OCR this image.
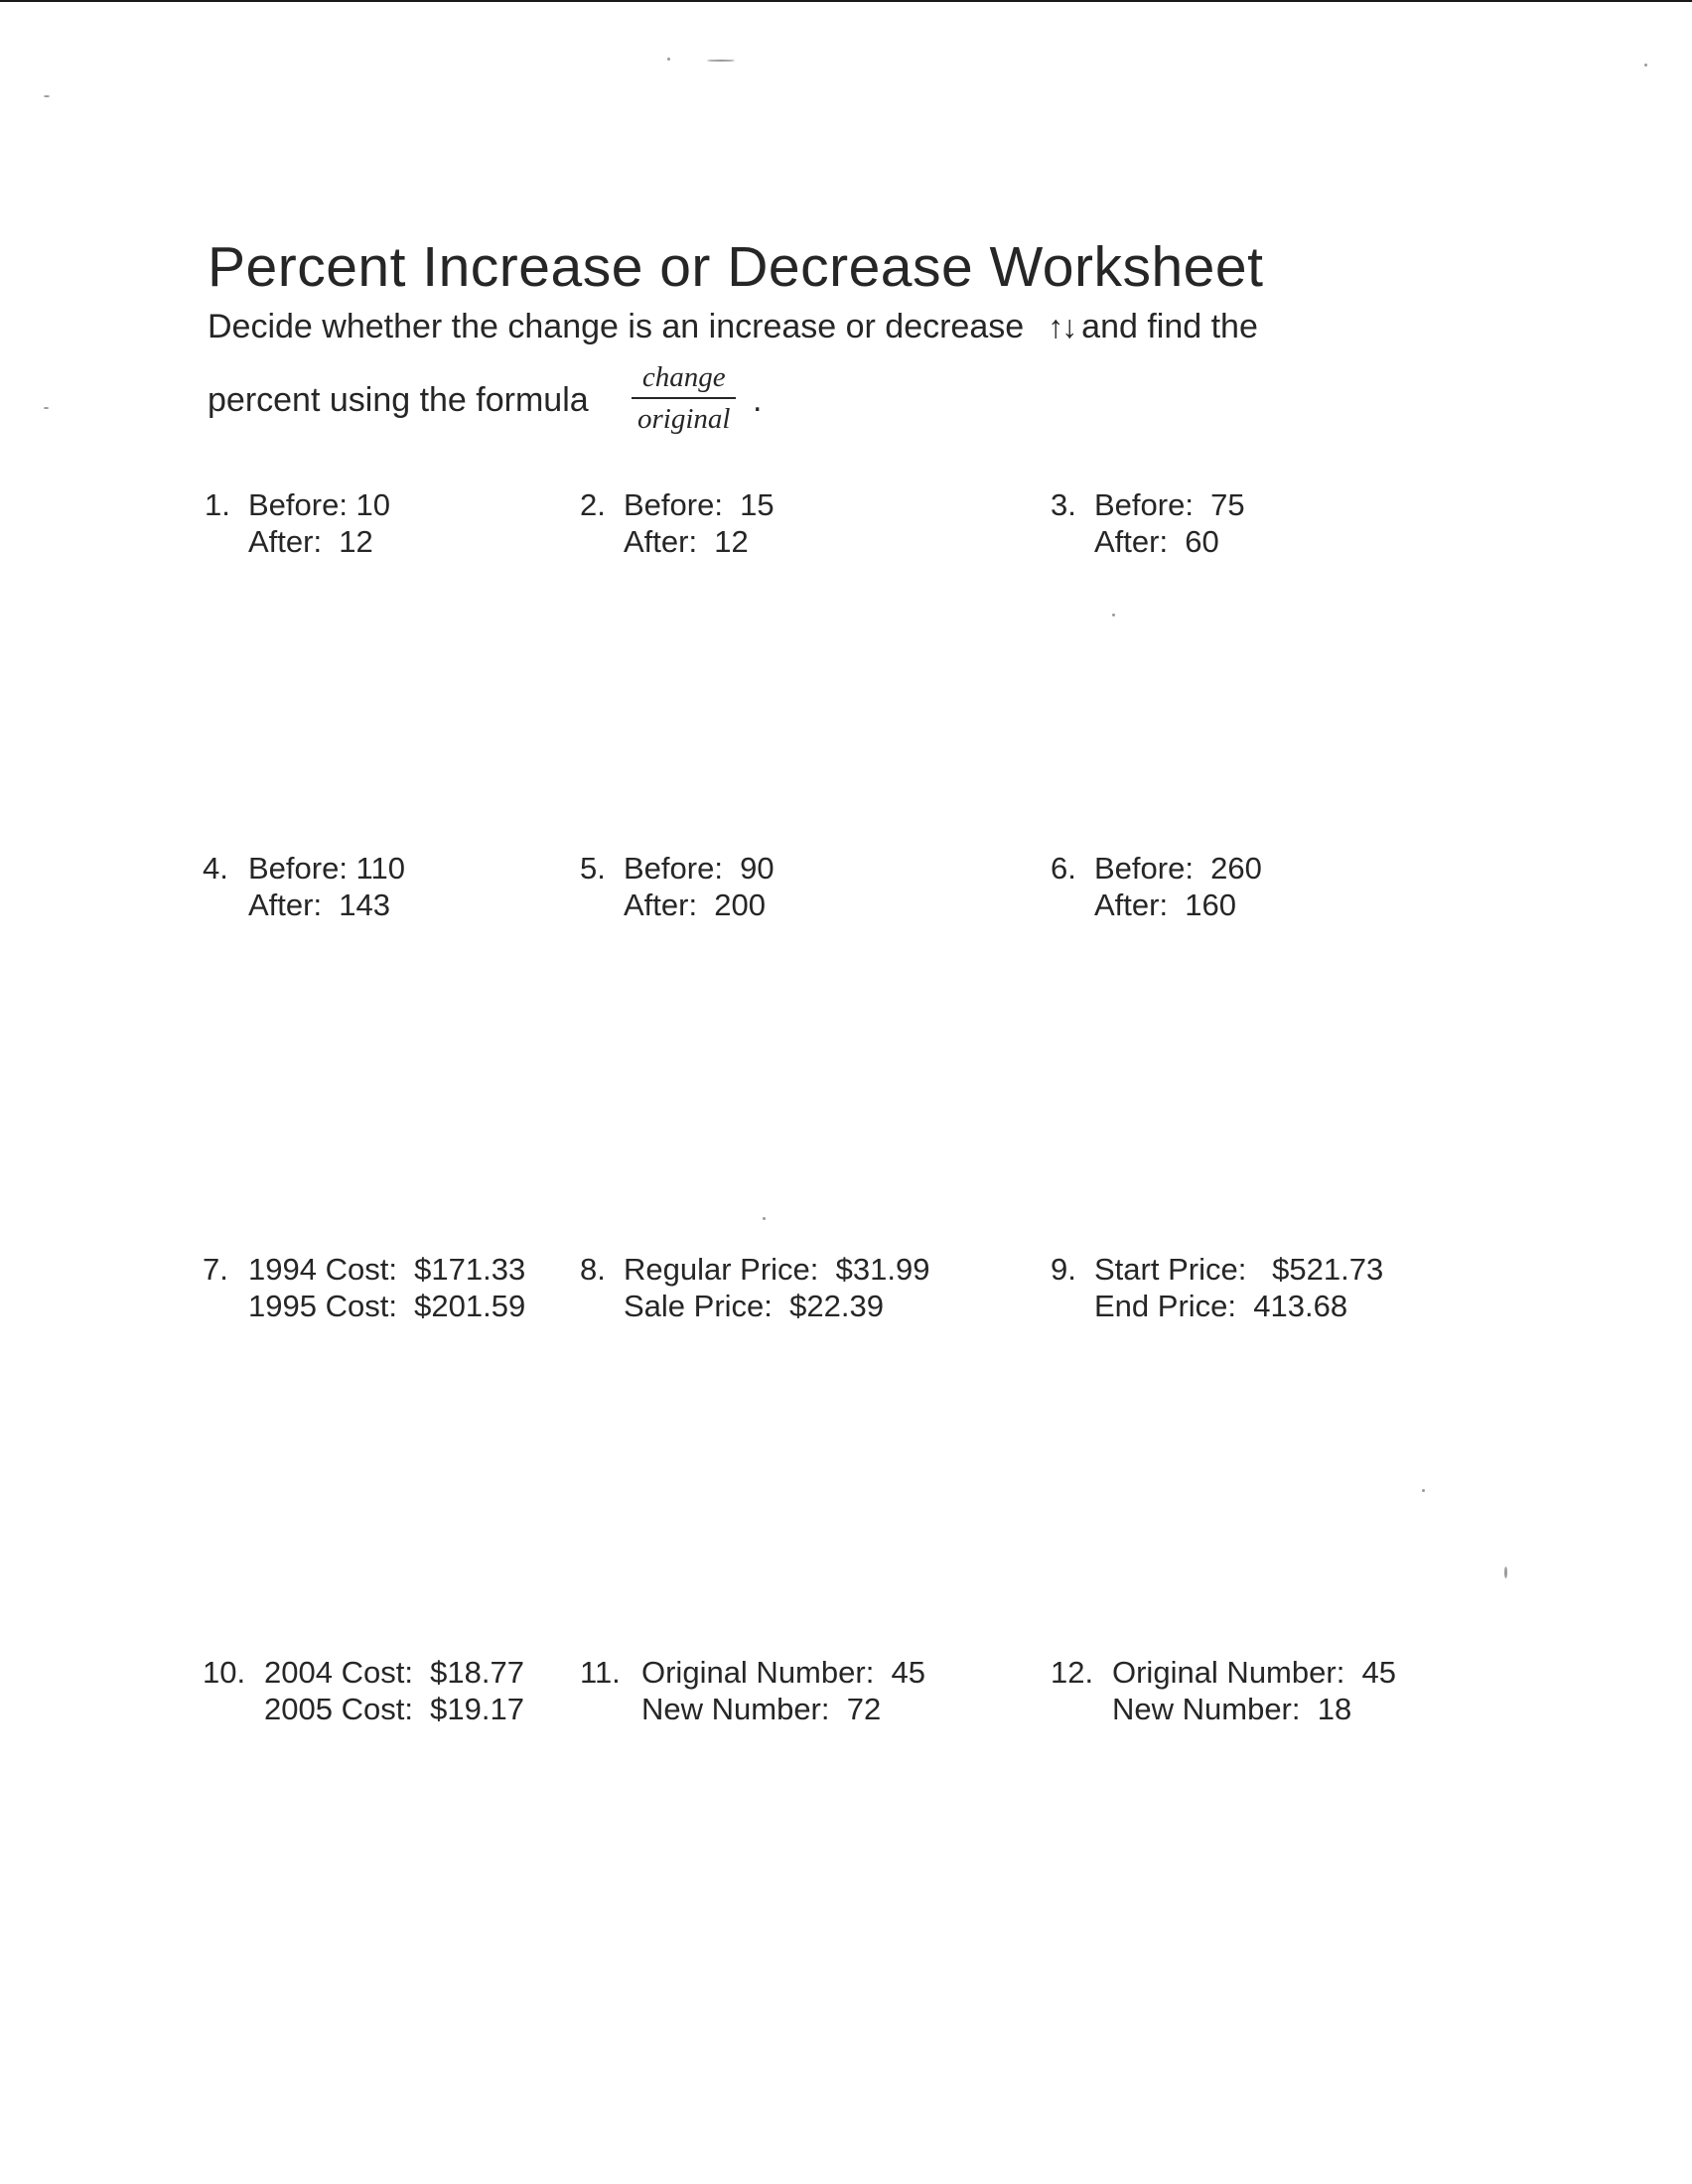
Percent Increase or Decrease Worksheet
Decide whether the change is an increase or decrease ↑↓ and find the
percent using the formula
change
original .
1. Before: 10
After:  12
2. Before:  15
After:  12
3. Before:  75
After:  60
4. Before: 110
After:  143
5. Before:  90
After:  200
6. Before:  260
After:  160
7. 1994 Cost:  $171.33
1995 Cost:  $201.59
8. Regular Price:  $31.99
Sale Price:  $22.39
9. Start Price:   $521.73
End Price:  413.68
10. 2004 Cost:  $18.77
2005 Cost:  $19.17
11. Original Number:  45
New Number:  72
12. Original Number:  45
New Number:  18
